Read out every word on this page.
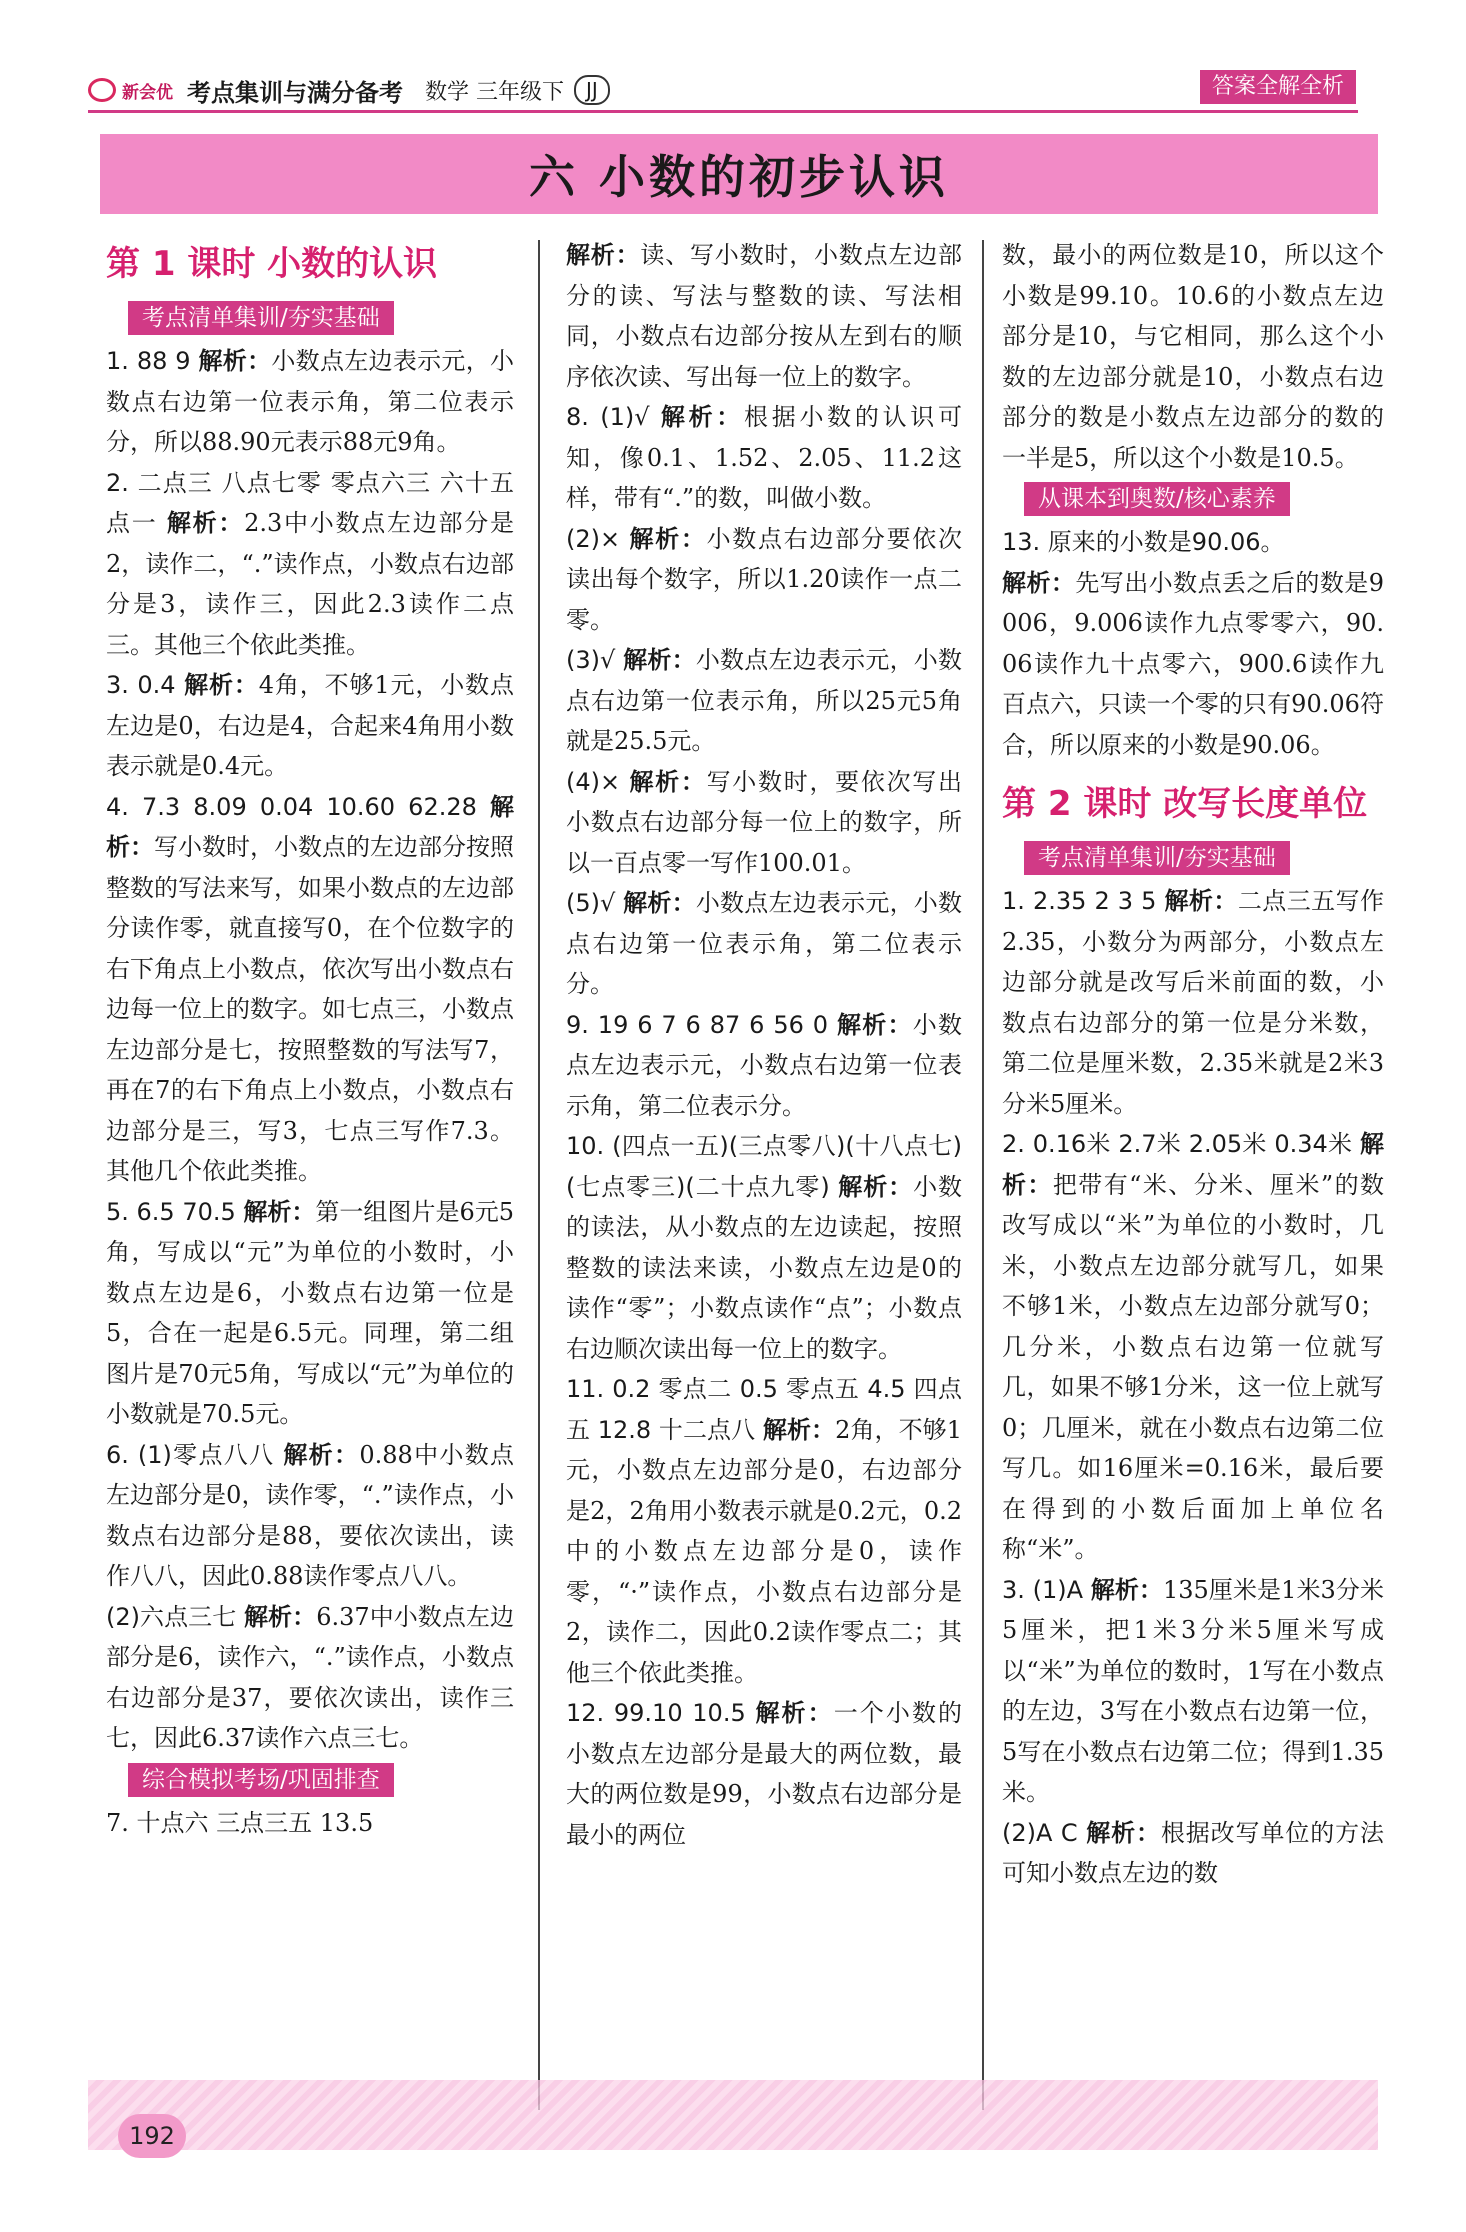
新会优 考点集训与满分备考 数学 三年级下	JJ	答案全解全析
六 小数的初步认识
第 1 课时 小数的认识
考点清单集训/夯实基础

1. 88 9 解析：小数点左边表示元，小数点右边第一位表示角，第二位表示分，所以88.90元表示88元9角。

2. 二点三 八点七零 零点六三 六十五点一 解析：2.3中小数点左边部分是2，读作二，“.”读作点，小数点右边部分是3，读作三，因此2.3读作二点三。其他三个依此类推。

3. 0.4 解析：4角，不够1元，小数点左边是0，右边是4，合起来4角用小数表示就是0.4元。

4. 7.3 8.09 0.04 10.60 62.28 解析：写小数时，小数点的左边部分按照整数的写法来写，如果小数点的左边部分读作零，就直接写0，在个位数字的右下角点上小数点，依次写出小数点右边每一位上的数字。如七点三，小数点左边部分是七，按照整数的写法写7，再在7的右下角点上小数点，小数点右边部分是三，写3，七点三写作7.3。其他几个依此类推。

5. 6.5 70.5 解析：第一组图片是6元5角，写成以“元”为单位的小数时，小数点左边是6，小数点右边第一位是5，合在一起是6.5元。同理，第二组图片是70元5角，写成以“元”为单位的小数就是70.5元。

6. (1)零点八八 解析：0.88中小数点左边部分是0，读作零，“.”读作点，小数点右边部分是88，要依次读出，读作八八，因此0.88读作零点八八。

(2)六点三七 解析：6.37中小数点左边部分是6，读作六，“.”读作点，小数点右边部分是37，要依次读出，读作三七，因此6.37读作六点三七。

综合模拟考场/巩固排查

7. 十点六 三点三五 13.5

解析：读、写小数时，小数点左边部分的读、写法与整数的读、写法相同，小数点右边部分按从左到右的顺序依次读、写出每一位上的数字。

8. (1)√ 解析：根据小数的认识可知，像0.1、1.52、2.05、11.2这样，带有“.”的数，叫做小数。

(2)× 解析：小数点右边部分要依次读出每个数字，所以1.20读作一点二零。

(3)√ 解析：小数点左边表示元，小数点右边第一位表示角，所以25元5角就是25.5元。

(4)× 解析：写小数时，要依次写出小数点右边部分每一位上的数字，所以一百点零一写作100.01。

(5)√ 解析：小数点左边表示元，小数点右边第一位表示角，第二位表示分。

9. 19 6 7 6 87 6 56 0 解析：小数点左边表示元，小数点右边第一位表示角，第二位表示分。

10. (四点一五)(三点零八)(十八点七)(七点零三)(二十点九零) 解析：小数的读法，从小数点的左边读起，按照整数的读法来读，小数点左边是0的读作“零”；小数点读作“点”；小数点右边顺次读出每一位上的数字。

11. 0.2 零点二 0.5 零点五 4.5 四点五 12.8 十二点八 解析：2角，不够1元，小数点左边部分是0，右边部分是2，2角用小数表示就是0.2元，0.2中的小数点左边部分是0，读作零，“·”读作点，小数点右边部分是2，读作二，因此0.2读作零点二；其他三个依此类推。

12. 99.10 10.5 解析：一个小数的小数点左边部分是最大的两位数，最大的两位数是99，小数点右边部分是最小的两位

数，最小的两位数是10，所以这个小数是99.10。10.6的小数点左边部分是10，与它相同，那么这个小数的左边部分就是10，小数点右边部分的数是小数点左边部分的数的一半是5，所以这个小数是10.5。

从课本到奥数/核心素养

13. 原来的小数是90.06。
解析：先写出小数点丢之后的数是9006，9.006读作九点零零六，90.06读作九十点零六，900.6读作九百点六，只读一个零的只有90.06符合，所以原来的小数是90.06。

第 2 课时 改写长度单位
考点清单集训/夯实基础

1. 2.35 2 3 5 解析：二点三五写作2.35，小数分为两部分，小数点左边部分就是改写后米前面的数，小数点右边部分的第一位是分米数，第二位是厘米数，2.35米就是2米3分米5厘米。

2. 0.16米 2.7米 2.05米 0.34米 解析：把带有“米、分米、厘米”的数改写成以“米”为单位的小数时，几米，小数点左边部分就写几，如果不够1米，小数点左边部分就写0；几分米，小数点右边第一位就写几，如果不够1分米，这一位上就写0；几厘米，就在小数点右边第二位写几。如16厘米=0.16米，最后要在得到的小数后面加上单位名称“米”。

3. (1)A 解析：135厘米是1米3分米5厘米，把1米3分米5厘米写成以“米”为单位的数时，1写在小数点的左边，3写在小数点右边第一位，5写在小数点右边第二位；得到1.35米。

(2)A C 解析：根据改写单位的方法可知小数点左边的数

192
